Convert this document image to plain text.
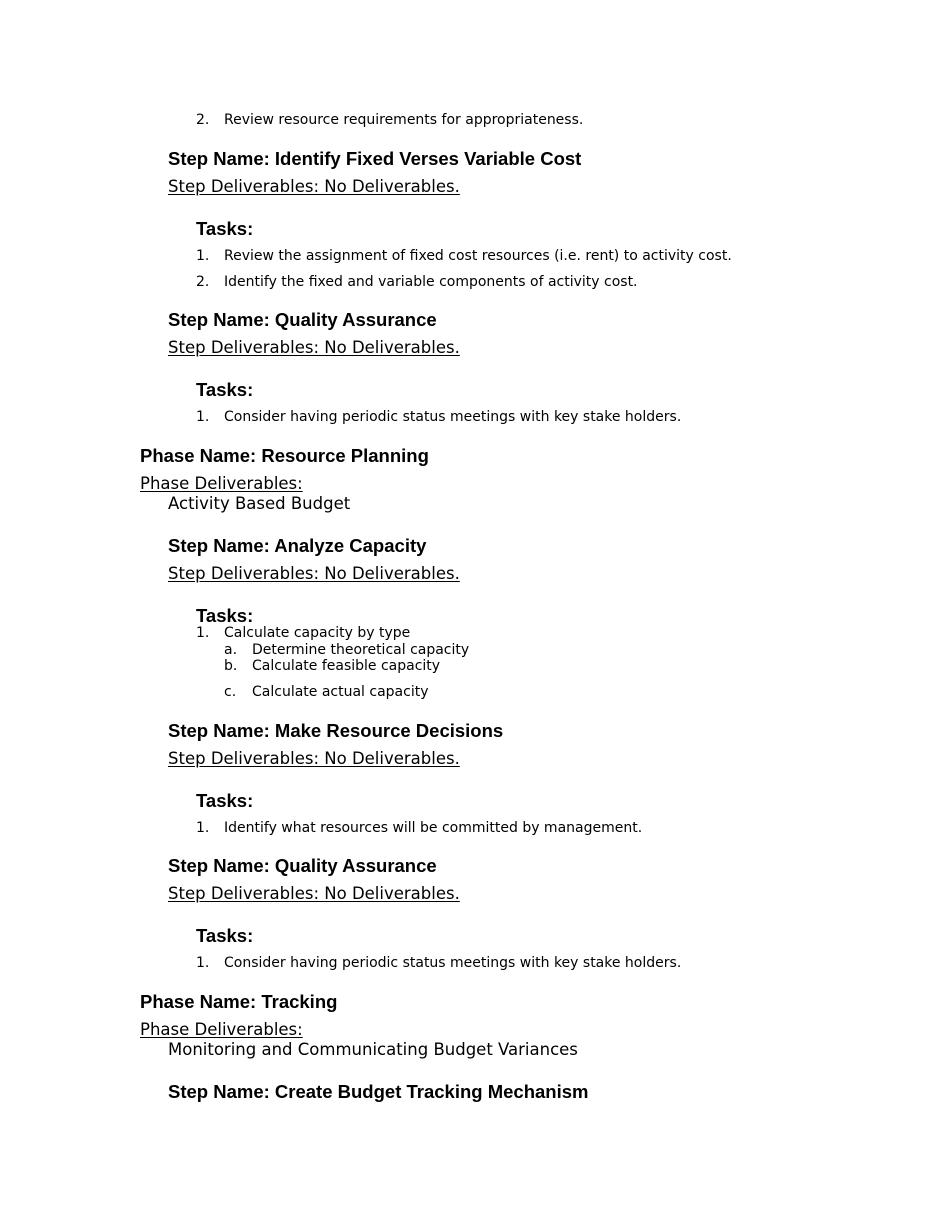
2. Review resource requirements for appropriateness.
Step Name: Identify Fixed Verses Variable Cost
Step Deliverables: No Deliverables.
Tasks:
1. Review the assignment of fixed cost resources (i.e. rent) to activity cost.
2. Identify the fixed and variable components of activity cost.
Step Name: Quality Assurance
Step Deliverables: No Deliverables.
Tasks:
1. Consider having periodic status meetings with key stake holders.
Phase Name: Resource Planning
Phase Deliverables:
Activity Based Budget
Step Name: Analyze Capacity
Step Deliverables: No Deliverables.
Tasks:
1. Calculate capacity by type
a. Determine theoretical capacity
b. Calculate feasible capacity
c. Calculate actual capacity
Step Name: Make Resource Decisions
Step Deliverables: No Deliverables.
Tasks:
1. Identify what resources will be committed by management.
Step Name: Quality Assurance
Step Deliverables: No Deliverables.
Tasks:
1. Consider having periodic status meetings with key stake holders.
Phase Name: Tracking
Phase Deliverables:
Monitoring and Communicating Budget Variances
Step Name: Create Budget Tracking Mechanism
